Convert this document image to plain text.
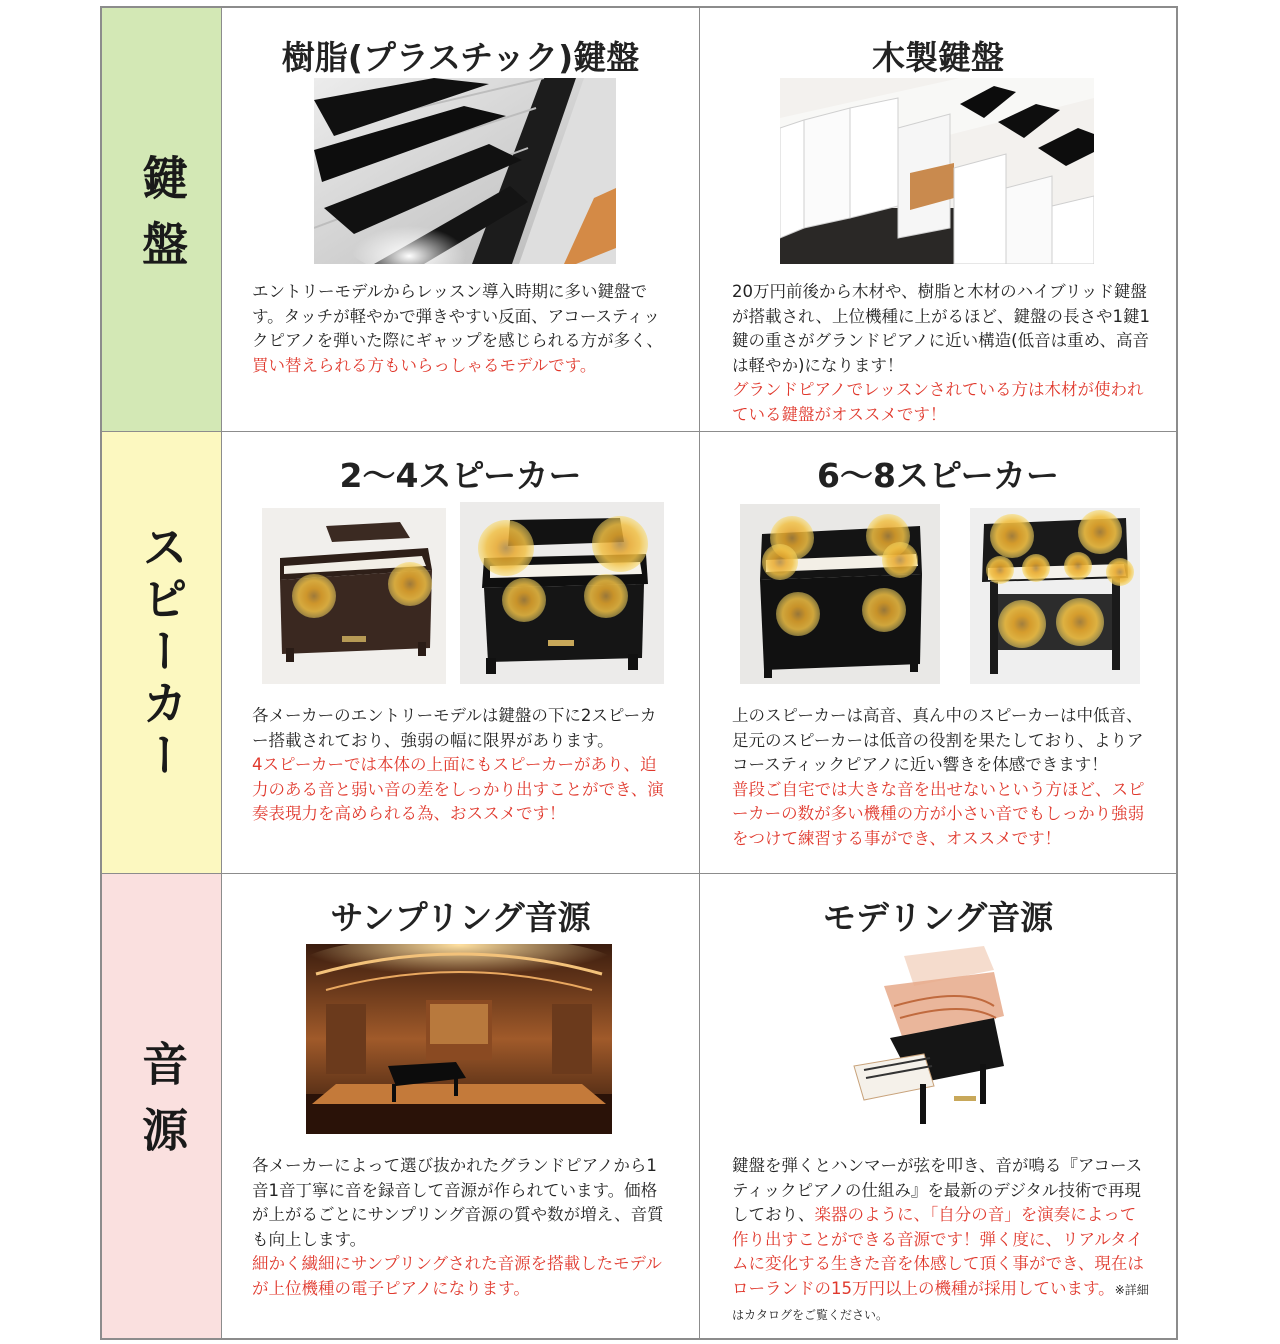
鍵盤
樹脂(プラスチック)鍵盤
エントリーモデルからレッスン導入時期に多い鍵盤です。タッチが軽やかで弾きやすい反面、アコースティックピアノを弾いた際にギャップを感じられる方が多く、買い替えられる方もいらっしゃるモデルです。
木製鍵盤
20万円前後から木材や、樹脂と木材のハイブリッド鍵盤が搭載され、上位機種に上がるほど、鍵盤の長さや1鍵1鍵の重さがグランドピアノに近い構造(低音は重め、高音は軽やか)になります！
グランドピアノでレッスンされている方は木材が使われている鍵盤がオススメです！
スピーカー
2～4スピーカー
各メーカーのエントリーモデルは鍵盤の下に2スピーカー搭載されており、強弱の幅に限界があります。
4スピーカーでは本体の上面にもスピーカーがあり、迫力のある音と弱い音の差をしっかり出すことができ、演奏表現力を高められる為、おススメです！
6～8スピーカー
上のスピーカーは高音、真ん中のスピーカーは中低音、足元のスピーカーは低音の役割を果たしており、よりアコースティックピアノに近い響きを体感できます！
普段ご自宅では大きな音を出せないという方ほど、スピーカーの数が多い機種の方が小さい音でもしっかり強弱をつけて練習する事ができ、オススメです！
音源
サンプリング音源
各メーカーによって選び抜かれたグランドピアノから1音1音丁寧に音を録音して音源が作られています。価格が上がるごとにサンプリング音源の質や数が増え、音質も向上します。
細かく繊細にサンプリングされた音源を搭載したモデルが上位機種の電子ピアノになります。
モデリング音源
鍵盤を弾くとハンマーが弦を叩き、音が鳴る『アコースティックピアノの仕組み』を最新のデジタル技術で再現しており、楽器のように、「自分の音」を演奏によって作り出すことができる音源です！弾く度に、リアルタイムに変化する生きた音を体感して頂く事ができ、現在はローランドの15万円以上の機種が採用しています。※詳細はカタログをご覧ください。
